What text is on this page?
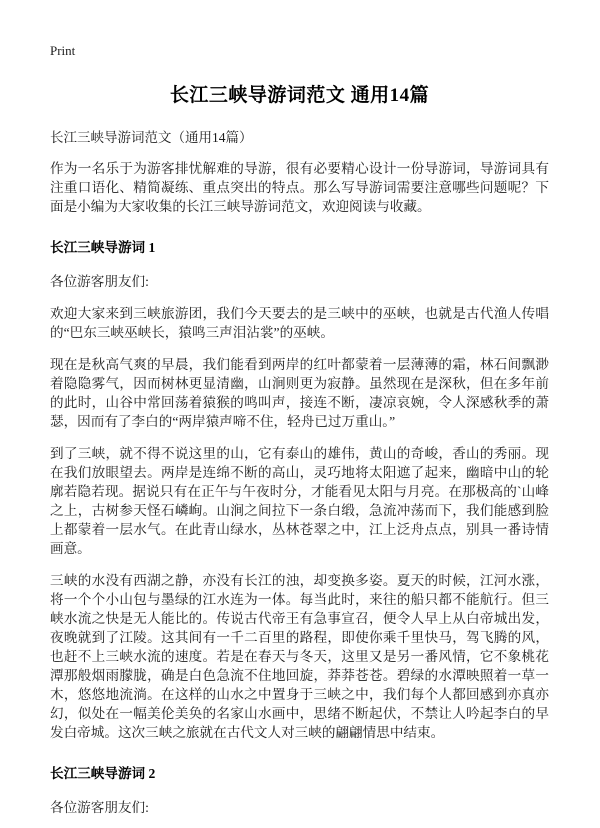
Print
长江三峡导游词范文 通用14篇
长江三峡导游词范文（通用14篇）

作为一名乐于为游客排忧解难的导游，很有必要精心设计一份导游词，导游词具有注重口语化、精简凝练、重点突出的特点。那么写导游词需要注意哪些问题呢？下面是小编为大家收集的长江三峡导游词范文，欢迎阅读与收藏。

长江三峡导游词 1

各位游客朋友们:

欢迎大家来到三峡旅游团，我们今天要去的是三峡中的巫峡，也就是古代渔人传唱的“巴东三峡巫峡长，猿鸣三声泪沾裳”的巫峡。

现在是秋高气爽的早晨，我们能看到两岸的红叶都蒙着一层薄薄的霜，林石间飘渺着隐隐雾气，因而树林更显清幽，山涧则更为寂静。虽然现在是深秋，但在多年前的此时，山谷中常回荡着猿猴的鸣叫声，接连不断，凄凉哀婉，令人深感秋季的萧瑟，因而有了李白的“两岸猿声啼不住，轻舟已过万重山。”

到了三峡，就不得不说这里的山，它有泰山的雄伟，黄山的奇峻，香山的秀丽。现在我们放眼望去。两岸是连绵不断的高山，灵巧地将太阳遮了起来，幽暗中山的轮廓若隐若现。据说只有在正午与午夜时分，才能看见太阳与月亮。在那极高的`山峰之上，古树参天怪石嶙峋。山涧之间拉下一条白缎，急流冲荡而下，我们能感到脸上都蒙着一层水气。在此青山绿水，丛林苍翠之中，江上泛舟点点，别具一番诗情画意。

三峡的水没有西湖之静，亦没有长江的浊，却变换多姿。夏天的时候，江河水涨，将一个个小山包与墨绿的江水连为一体。每当此时，来往的船只都不能航行。但三峡水流之快是无人能比的。传说古代帝王有急事宣召，便令人早上从白帝城出发，夜晚就到了江陵。这其间有一千二百里的路程，即使你乘千里快马，驾飞腾的风，也赶不上三峡水流的速度。若是在春天与冬天，这里又是另一番风情，它不象桃花潭那般烟雨朦胧，确是白色急流不住地回旋，莽莽苍苍。碧绿的水潭映照着一草一木，悠悠地流淌。在这样的山水之中置身于三峡之中，我们每个人都回感到亦真亦幻，似处在一幅美伦美奂的名家山水画中，思绪不断起伏，不禁让人吟起李白的早发白帝城。这次三峡之旅就在古代文人对三峡的翩翩情思中结束。

长江三峡导游词 2

各位游客朋友们:
